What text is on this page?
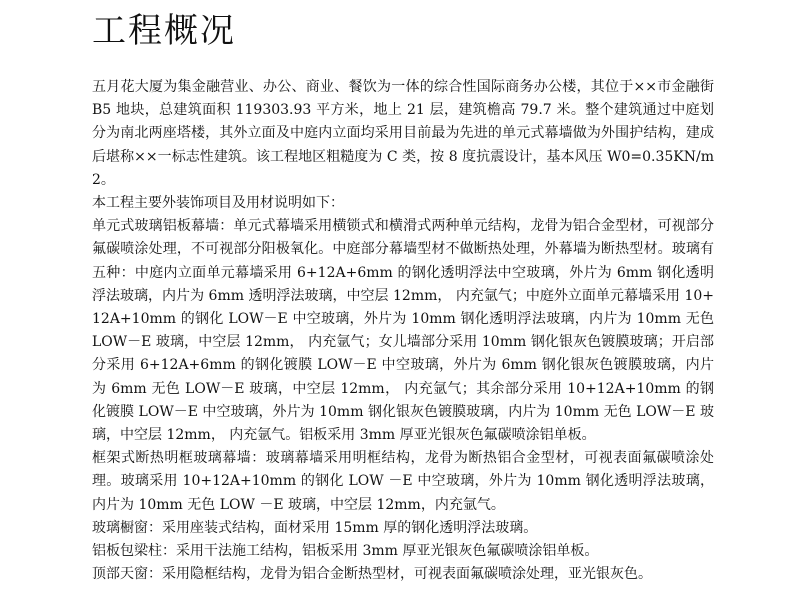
工程概况

五月花大厦为集金融营业、办公、商业、餐饮为一体的综合性国际商务办公楼，其位于××市金融街 B5 地块，总建筑面积 119303.93 平方米，地上 21 层，建筑檐高 79.7 米。整个建筑通过中庭划分为南北两座塔楼，其外立面及中庭内立面均采用目前最为先进的单元式幕墙做为外围护结构，建成后堪称××一标志性建筑。该工程地区粗糙度为 C 类，按 8 度抗震设计，基本风压 W0=0.35KN/m2。

本工程主要外装饰项目及用材说明如下：

单元式玻璃铝板幕墙：单元式幕墙采用横锁式和横滑式两种单元结构，龙骨为铝合金型材，可视部分氟碳喷涂处理，不可视部分阳极氧化。中庭部分幕墙型材不做断热处理，外幕墙为断热型材。玻璃有五种：中庭内立面单元幕墙采用 6+12A+6mm 的钢化透明浮法中空玻璃，外片为 6mm 钢化透明浮法玻璃，内片为 6mm 透明浮法玻璃，中空层 12mm， 内充氩气；中庭外立面单元幕墙采用 10+12A+10mm 的钢化 LOW－E 中空玻璃，外片为 10mm 钢化透明浮法玻璃，内片为 10mm 无色 LOW－E 玻璃，中空层 12mm， 内充氩气；女儿墙部分采用 10mm 钢化银灰色镀膜玻璃；开启部分采用 6+12A+6mm 的钢化镀膜 LOW－E 中空玻璃，外片为 6mm 钢化银灰色镀膜玻璃，内片为 6mm 无色 LOW－E 玻璃，中空层 12mm， 内充氩气；其余部分采用 10+12A+10mm 的钢化镀膜 LOW－E 中空玻璃，外片为 10mm 钢化银灰色镀膜玻璃，内片为 10mm 无色 LOW－E 玻璃，中空层 12mm， 内充氩气。铝板采用 3mm 厚亚光银灰色氟碳喷涂铝单板。

框架式断热明框玻璃幕墙：玻璃幕墙采用明框结构，龙骨为断热铝合金型材，可视表面氟碳喷涂处理。玻璃采用 10+12A+10mm 的钢化 LOW －E 中空玻璃，外片为 10mm 钢化透明浮法玻璃，内片为 10mm 无色 LOW －E 玻璃，中空层 12mm，内充氩气。

玻璃橱窗：采用座装式结构，面材采用 15mm 厚的钢化透明浮法玻璃。

铝板包梁柱：采用干法施工结构，铝板采用 3mm 厚亚光银灰色氟碳喷涂铝单板。

顶部天窗：采用隐框结构，龙骨为铝合金断热型材，可视表面氟碳喷涂处理，亚光银灰色。
